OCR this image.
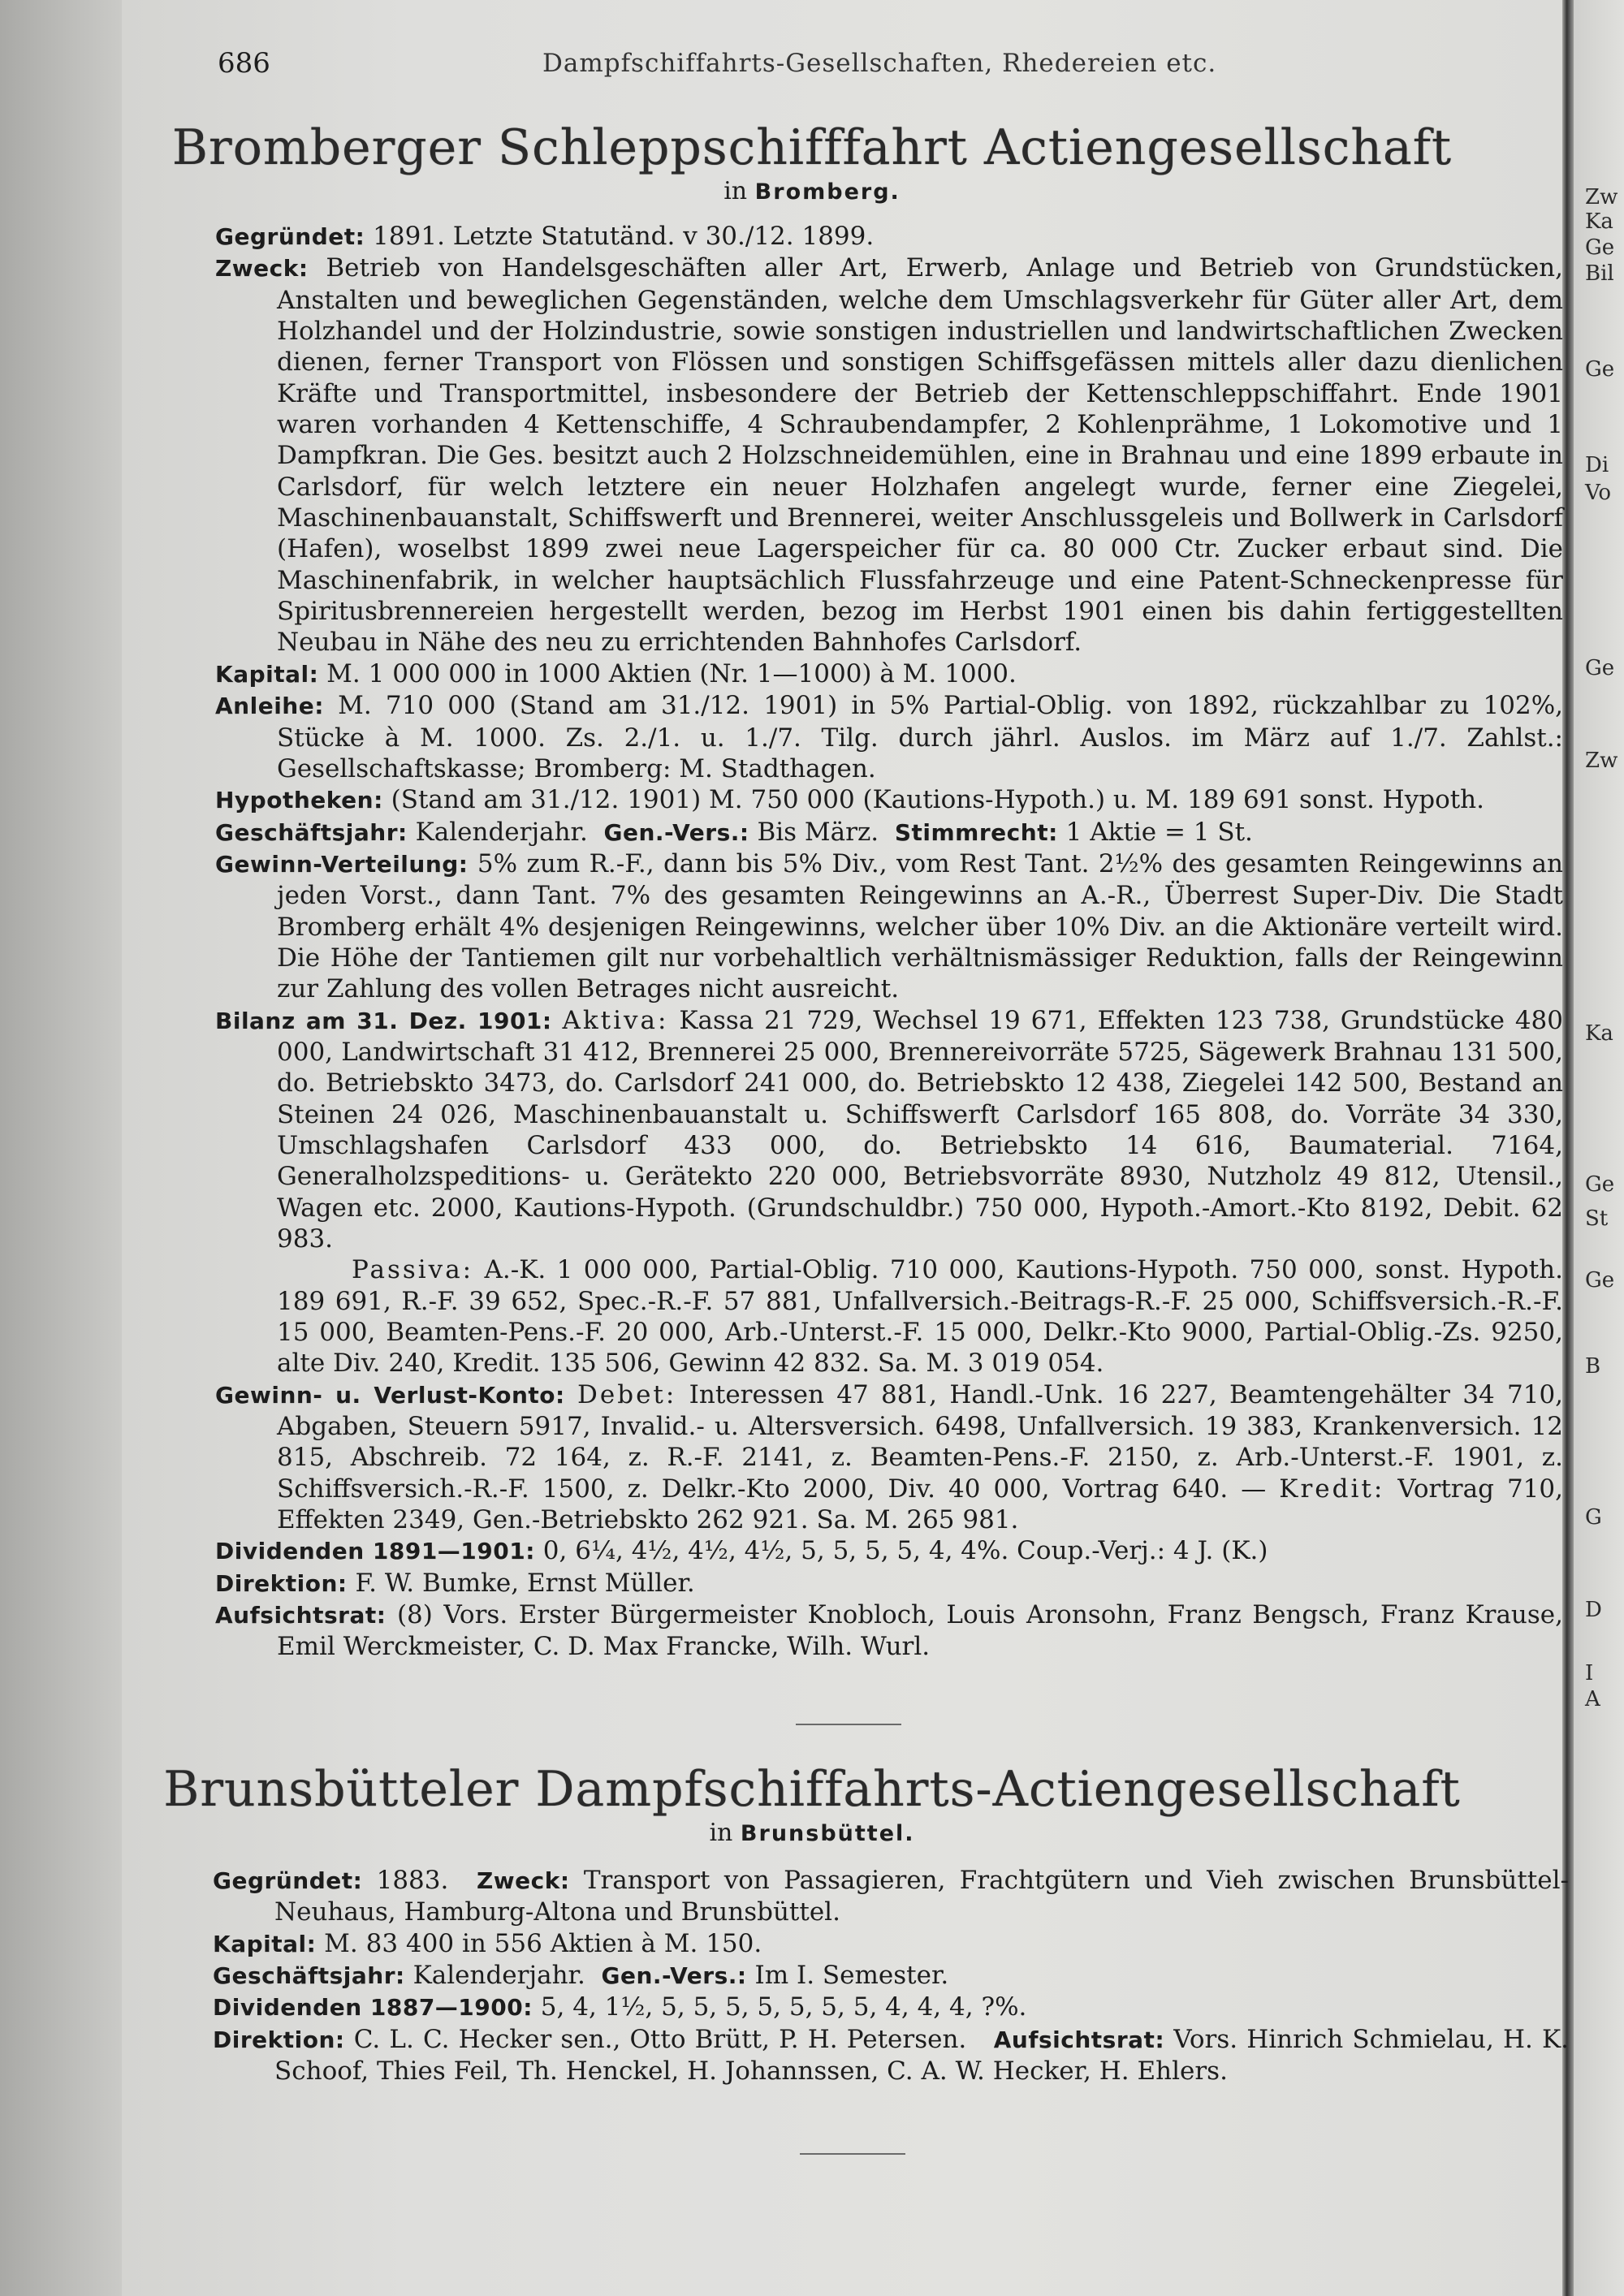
Zw
Ka
Ge
Bil
Ge
Di
Vo
Ge
Zw
Ka
Ge
St
Ge
B
G
D
I
A
686	Dampfschiffahrts-Gesellschaften, Rhedereien etc.
Bromberger Schleppschifffahrt Actiengesellschaft
in Bromberg.

Gegründet: 1891. Letzte Statutänd. v 30./12. 1899.

Zweck: Betrieb von Handelsgeschäften aller Art, Erwerb, Anlage und Betrieb von Grundstücken, Anstalten und beweglichen Gegenständen, welche dem Umschlagsverkehr für Güter aller Art, dem Holzhandel und der Holzindustrie, sowie sonstigen industriellen und landwirtschaftlichen Zwecken dienen, ferner Transport von Flössen und sonstigen Schiffsgefässen mittels aller dazu dienlichen Kräfte und Transportmittel, insbesondere der Betrieb der Kettenschleppschiffahrt. Ende 1901 waren vorhanden 4 Kettenschiffe, 4 Schraubendampfer, 2 Kohlenprähme, 1 Lokomotive und 1 Dampfkran. Die Ges. besitzt auch 2 Holzschneidemühlen, eine in Brahnau und eine 1899 erbaute in Carlsdorf, für welch letztere ein neuer Holzhafen angelegt wurde, ferner eine Ziegelei, Maschinenbauanstalt, Schiffswerft und Brennerei, weiter Anschlussgeleis und Bollwerk in Carlsdorf (Hafen), woselbst 1899 zwei neue Lagerspeicher für ca. 80 000 Ctr. Zucker erbaut sind. Die Maschinenfabrik, in welcher hauptsächlich Flussfahrzeuge und eine Patent-Schneckenpresse für Spiritusbrennereien hergestellt werden, bezog im Herbst 1901 einen bis dahin fertiggestellten Neubau in Nähe des neu zu errichtenden Bahnhofes Carlsdorf.

Kapital: M. 1 000 000 in 1000 Aktien (Nr. 1—1000) à M. 1000.

Anleihe: M. 710 000 (Stand am 31./12. 1901) in 5% Partial-Oblig. von 1892, rückzahlbar zu 102%, Stücke à M. 1000. Zs. 2./1. u. 1./7. Tilg. durch jährl. Auslos. im März auf 1./7. Zahlst.: Gesellschaftskasse; Bromberg: M. Stadthagen.

Hypotheken: (Stand am 31./12. 1901) M. 750 000 (Kautions-Hypoth.) u. M. 189 691 sonst. Hypoth.

Geschäftsjahr: Kalenderjahr. Gen.-Vers.: Bis März. Stimmrecht: 1 Aktie = 1 St.

Gewinn-Verteilung: 5% zum R.-F., dann bis 5% Div., vom Rest Tant. 2½% des gesamten Reingewinns an jeden Vorst., dann Tant. 7% des gesamten Reingewinns an A.-R., Überrest Super-Div. Die Stadt Bromberg erhält 4% desjenigen Reingewinns, welcher über 10% Div. an die Aktionäre verteilt wird. Die Höhe der Tantiemen gilt nur vorbehaltlich verhältnismässiger Reduktion, falls der Reingewinn zur Zahlung des vollen Betrages nicht ausreicht.

Bilanz am 31. Dez. 1901: Aktiva: Kassa 21 729, Wechsel 19 671, Effekten 123 738, Grundstücke 480 000, Landwirtschaft 31 412, Brennerei 25 000, Brennereivorräte 5725, Sägewerk Brahnau 131 500, do. Betriebskto 3473, do. Carlsdorf 241 000, do. Betriebskto 12 438, Ziegelei 142 500, Bestand an Steinen 24 026, Maschinenbauanstalt u. Schiffswerft Carlsdorf 165 808, do. Vorräte 34 330, Umschlagshafen Carlsdorf 433 000, do. Betriebskto 14 616, Baumaterial. 7164, Generalholzspeditions- u. Gerätekto 220 000, Betriebsvorräte 8930, Nutzholz 49 812, Utensil., Wagen etc. 2000, Kautions-Hypoth. (Grundschuldbr.) 750 000, Hypoth.-Amort.-Kto 8192, Debit. 62 983.

Passiva: A.-K. 1 000 000, Partial-Oblig. 710 000, Kautions-Hypoth. 750 000, sonst. Hypoth. 189 691, R.-F. 39 652, Spec.-R.-F. 57 881, Unfallversich.-Beitrags-R.-F. 25 000, Schiffsversich.-R.-F. 15 000, Beamten-Pens.-F. 20 000, Arb.-Unterst.-F. 15 000, Delkr.-Kto 9000, Partial-Oblig.-Zs. 9250, alte Div. 240, Kredit. 135 506, Gewinn 42 832. Sa. M. 3 019 054.

Gewinn- u. Verlust-Konto: Debet: Interessen 47 881, Handl.-Unk. 16 227, Beamtengehälter 34 710, Abgaben, Steuern 5917, Invalid.- u. Altersversich. 6498, Unfallversich. 19 383, Krankenversich. 12 815, Abschreib. 72 164, z. R.-F. 2141, z. Beamten-Pens.-F. 2150, z. Arb.-Unterst.-F. 1901, z. Schiffsversich.-R.-F. 1500, z. Delkr.-Kto 2000, Div. 40 000, Vortrag 640. — Kredit: Vortrag 710, Effekten 2349, Gen.-Betriebskto 262 921. Sa. M. 265 981.

Dividenden 1891—1901: 0, 6¼, 4½, 4½, 4½, 5, 5, 5, 5, 4, 4%. Coup.-Verj.: 4 J. (K.)

Direktion: F. W. Bumke, Ernst Müller.

Aufsichtsrat: (8) Vors. Erster Bürgermeister Knobloch, Louis Aronsohn, Franz Bengsch, Franz Krause, Emil Werckmeister, C. D. Max Francke, Wilh. Wurl.

Brunsbütteler Dampfschiffahrts-Actiengesellschaft
in Brunsbüttel.

Gegründet: 1883. Zweck: Transport von Passagieren, Frachtgütern und Vieh zwischen Brunsbüttel-Neuhaus, Hamburg-Altona und Brunsbüttel.

Kapital: M. 83 400 in 556 Aktien à M. 150.

Geschäftsjahr: Kalenderjahr. Gen.-Vers.: Im I. Semester.

Dividenden 1887—1900: 5, 4, 1½, 5, 5, 5, 5, 5, 5, 5, 4, 4, 4, ?%.

Direktion: C. L. C. Hecker sen., Otto Brütt, P. H. Petersen. Aufsichtsrat: Vors. Hinrich Schmielau, H. K. Schoof, Thies Feil, Th. Henckel, H. Johannssen, C. A. W. Hecker, H. Ehlers.
